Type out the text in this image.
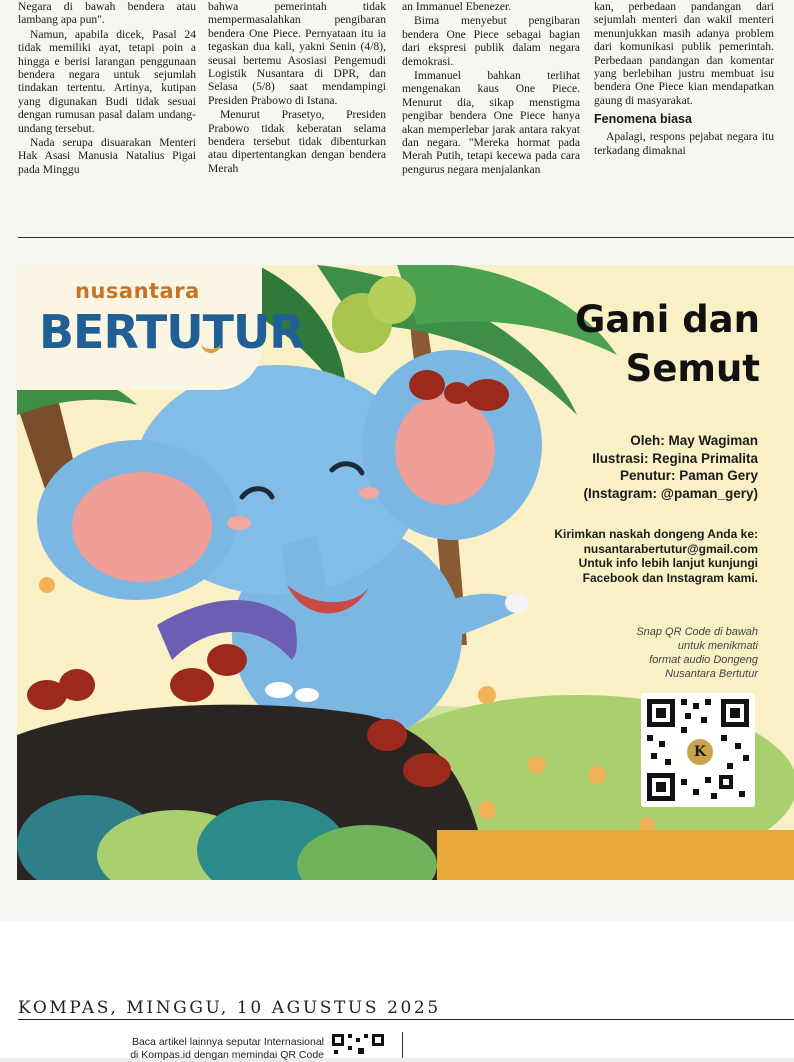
Negara di bawah bendera atau lambang apa pun".

Namun, apabila dicek, Pasal 24 tidak memiliki ayat, tetapi poin a hingga e berisi larangan penggunaan bendera negara untuk sejumlah tindakan tertentu. Artinya, kutipan yang digunakan Budi tidak sesuai dengan rumusan pasal dalam undang-undang tersebut.

Nada serupa disuarakan Menteri Hak Asasi Manusia Natalius Pigai pada Minggu

bahwa pemerintah tidak mempermasalahkan pengibaran bendera One Piece. Pernyataan itu ia tegaskan dua kali, yakni Senin (4/8), seusai bertemu Asosiasi Pengemudi Logistik Nusantara di DPR, dan Selasa (5/8) saat mendampingi Presiden Prabowo di Istana.

Menurut Prasetyo, Presiden Prabowo tidak keberatan selama bendera tersebut tidak dibenturkan atau dipertentangkan dengan bendera Merah

an Immanuel Ebenezer.

Bima menyebut pengibaran bendera One Piece sebagai bagian dari ekspresi publik dalam negara demokrasi.

Immanuel bahkan terlihat mengenakan kaus One Piece. Menurut dia, sikap menstigma pengibar bendera One Piece hanya akan memperlebar jarak antara rakyat dan negara. "Mereka hormat pada Merah Putih, tetapi kecewa pada cara pengurus negara menjalankan

kan, perbedaan pandangan dari sejumlah menteri dan wakil menteri menunjukkan masih adanya problem dari komunikasi publik pemerintah. Perbedaan pandangan dan komentar yang berlebihan justru membuat isu bendera One Piece kian mendapatkan gaung di masyarakat.

Fenomena biasa

Apalagi, respons pejabat negara itu terkadang dimaknai

nusantara
BERTUTUR	Gani dan
Semut
Oleh: May Wagiman
Ilustrasi: Regina Primalita
Penutur: Paman Gery
(Instagram: @paman_gery)
Kirimkan naskah dongeng Anda ke:
nusantarabertutur@gmail.com
Untuk info lebih lanjut kunjungi
Facebook dan Instagram kami.
Snap QR Code di bawah
untuk menikmati
format audio Dongeng
Nusantara Bertutur
K
KOMPAS, MINGGU, 10 AGUSTUS 2025
Baca artikel lainnya seputar Internasional
di Kompas.id dengan memindai QR Code
